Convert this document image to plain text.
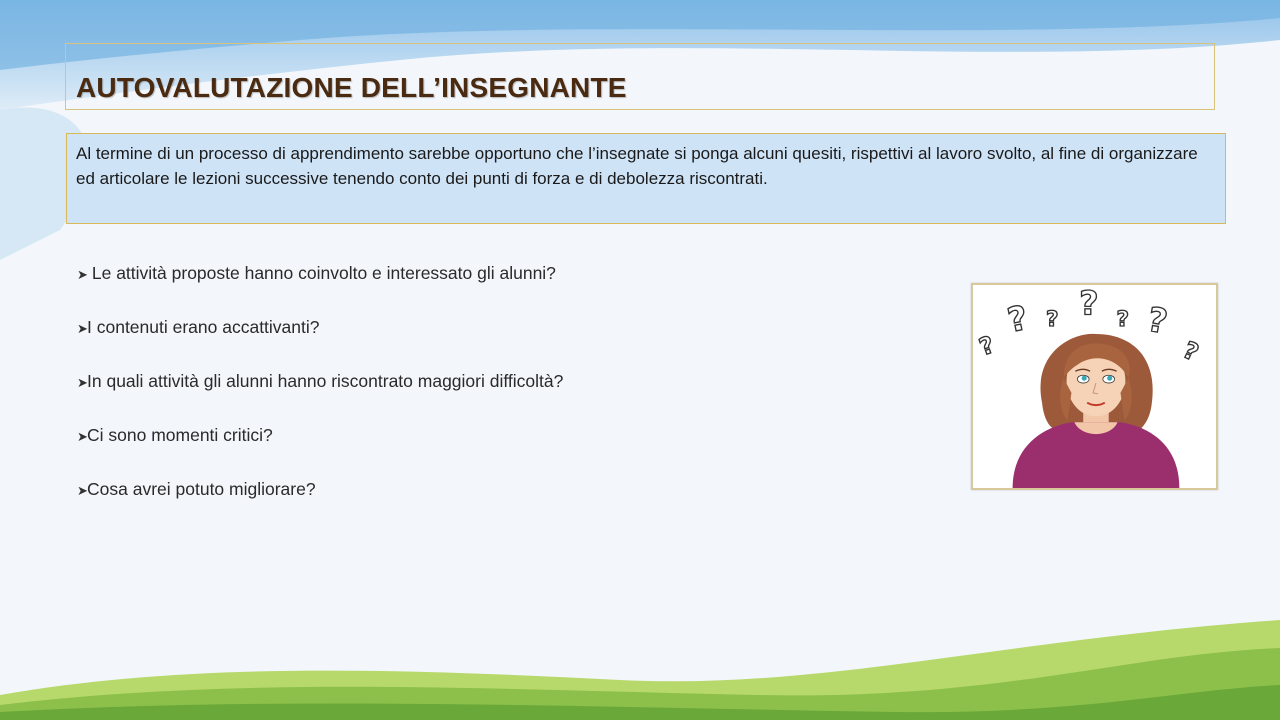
AUTOVALUTAZIONE DELL’INSEGNANTE
Al termine di un processo di apprendimento sarebbe opportuno che l’insegnate si ponga alcuni quesiti, rispettivi al lavoro svolto, al fine di organizzare ed articolare le lezioni successive tenendo conto dei punti di forza e di debolezza riscontrati.
➤ Le attività proposte hanno coinvolto e interessato gli alunni?
➤I contenuti erano accattivanti?
➤In quali attività gli alunni hanno riscontrato maggiori difficoltà?
➤Ci sono momenti critici?
➤Cosa avrei potuto migliorare?
? ? ? ? ?
?	?
